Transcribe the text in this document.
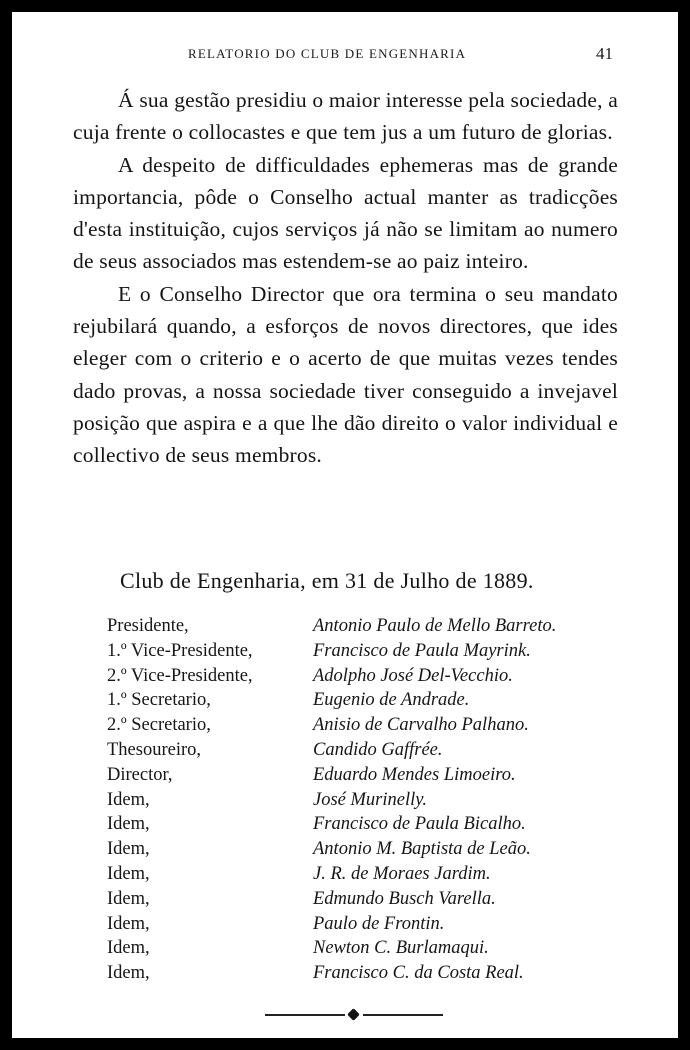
RELATORIO DO CLUB DE ENGENHARIA	41

Á sua gestão presidiu o maior interesse pela sociedade, a cuja frente o collocastes e que tem jus a um futuro de glorias.

A despeito de difficuldades ephemeras mas de grande importancia, pôde o Conselho actual manter as tradicções d'esta instituição, cujos serviços já não se limitam ao numero de seus associados mas estendem-se ao paiz inteiro.

E o Conselho Director que ora termina o seu mandato rejubilará quando, a esforços de novos directores, que ides eleger com o criterio e o acerto de que muitas vezes tendes dado provas, a nossa sociedade tiver conseguido a invejavel posição que aspira e a que lhe dão direito o valor individual e collectivo de seus membros.

Club de Engenharia, em 31 de Julho de 1889.
Presidente,	Antonio Paulo de Mello Barreto.
1.º Vice-Presidente,	Francisco de Paula Mayrink.
2.º Vice-Presidente,	Adolpho José Del-Vecchio.
1.º Secretario,	Eugenio de Andrade.
2.º Secretario,	Anisio de Carvalho Palhano.
Thesoureiro,	Candido Gaffrée.
Director,	Eduardo Mendes Limoeiro.
Idem,	José Murinelly.
Idem,	Francisco de Paula Bicalho.
Idem,	Antonio M. Baptista de Leão.
Idem,	J. R. de Moraes Jardim.
Idem,	Edmundo Busch Varella.
Idem,	Paulo de Frontin.
Idem,	Newton C. Burlamaqui.
Idem,	Francisco C. da Costa Real.
